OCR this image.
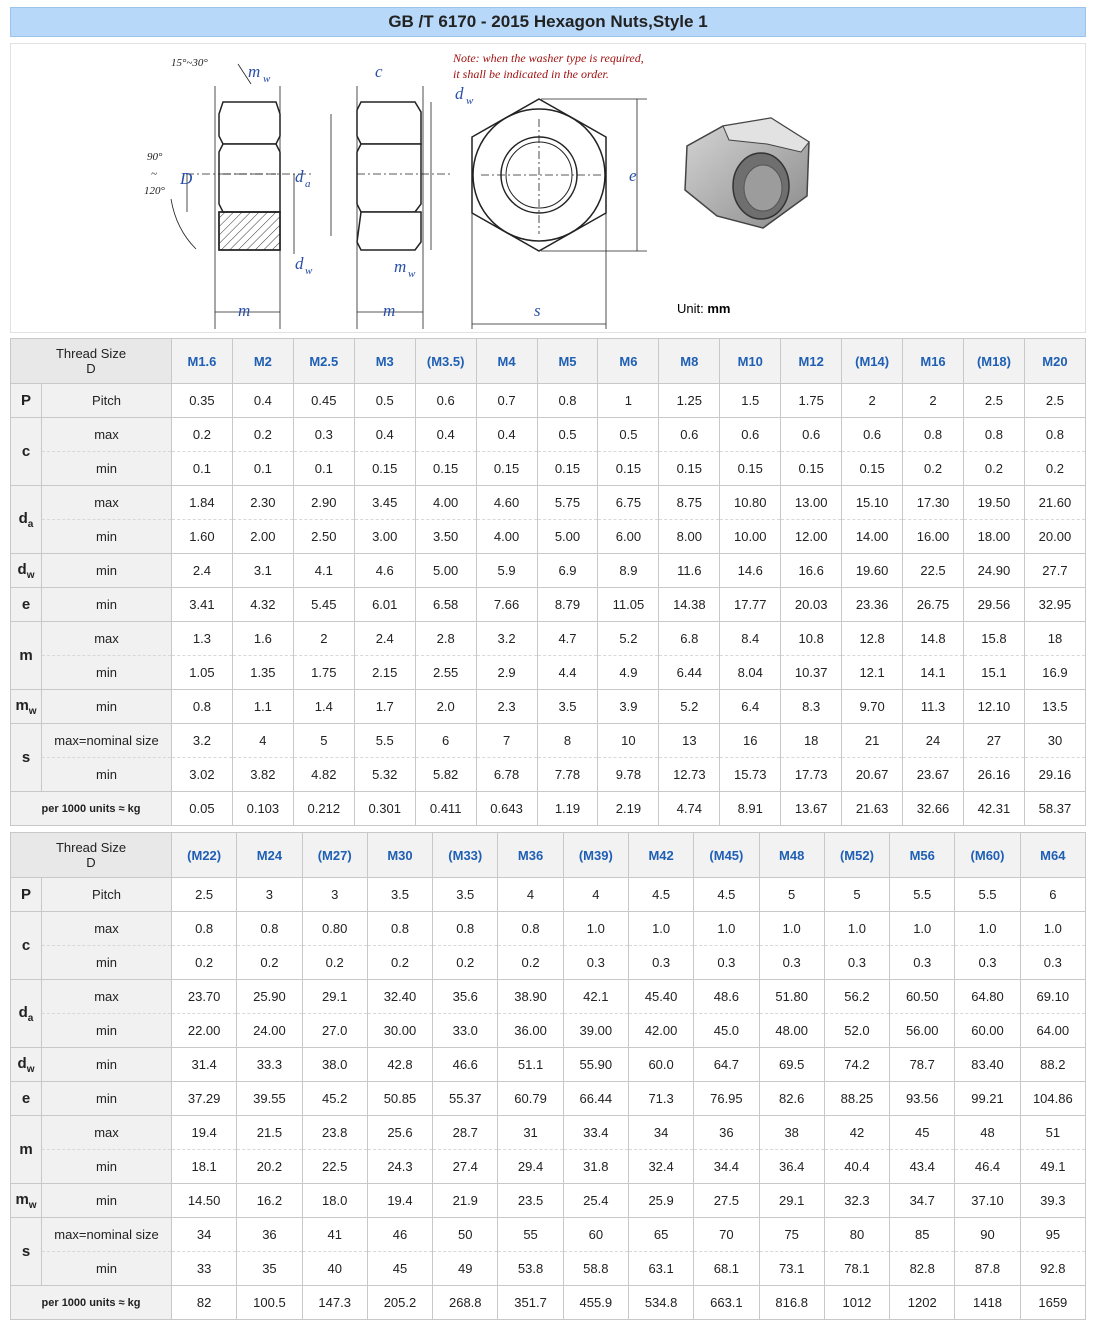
GB /T 6170 - 2015 Hexagon Nuts,Style 1
m w
D	d a
d w
m
c
d w
m w
m
e
s
15°~30°
90°
~
120°
Note: when the washer type is required,
it shall be indicated in the order.
Unit: mm
Thread Size
D		M1.6	M2	M2.5	M3	(M3.5)	M4	M5	M6	M8	M10	M12	(M14)	M16	(M18)	M20
P	Pitch	0.35	0.4	0.45	0.5	0.6	0.7	0.8	1	1.25	1.5	1.75	2	2	2.5	2.5
c	max	0.2	0.2	0.3	0.4	0.4	0.4	0.5	0.5	0.6	0.6	0.6	0.6	0.8	0.8	0.8
	min	0.1	0.1	0.1	0.15	0.15	0.15	0.15	0.15	0.15	0.15	0.15	0.15	0.2	0.2	0.2
$d_a$	max	1.84	2.30	2.90	3.45	4.00	4.60	5.75	6.75	8.75	10.80	13.00	15.10	17.30	19.50	21.60
	min	1.60	2.00	2.50	3.00	3.50	4.00	5.00	6.00	8.00	10.00	12.00	14.00	16.00	18.00	20.00
$d_w$	min	2.4	3.1	4.1	4.6	5.00	5.9	6.9	8.9	11.6	14.6	16.6	19.60	22.5	24.90	27.7
e	min	3.41	4.32	5.45	6.01	6.58	7.66	8.79	11.05	14.38	17.77	20.03	23.36	26.75	29.56	32.95
m	max	1.3	1.6	2	2.4	2.8	3.2	4.7	5.2	6.8	8.4	10.8	12.8	14.8	15.8	18
	min	1.05	1.35	1.75	2.15	2.55	2.9	4.4	4.9	6.44	8.04	10.37	12.1	14.1	15.1	16.9
$m_w$	min	0.8	1.1	1.4	1.7	2.0	2.3	3.5	3.9	5.2	6.4	8.3	9.70	11.3	12.10	13.5
s	max=nominal size	3.2	4	5	5.5	6	7	8	10	13	16	18	21	24	27	30
	min	3.02	3.82	4.82	5.32	5.82	6.78	7.78	9.78	12.73	15.73	17.73	20.67	23.67	26.16	29.16
per 1000 units ≈ kg		0.05	0.103	0.212	0.301	0.411	0.643	1.19	2.19	4.74	8.91	13.67	21.63	32.66	42.31	58.37
Thread Size
D		(M22)	M24	(M27)	M30	(M33)	M36	(M39)	M42	(M45)	M48	(M52)	M56	(M60)	M64
P	Pitch	2.5	3	3	3.5	3.5	4	4	4.5	4.5	5	5	5.5	5.5	6
c	max	0.8	0.8	0.80	0.8	0.8	0.8	1.0	1.0	1.0	1.0	1.0	1.0	1.0	1.0
	min	0.2	0.2	0.2	0.2	0.2	0.2	0.3	0.3	0.3	0.3	0.3	0.3	0.3	0.3
$d_a$	max	23.70	25.90	29.1	32.40	35.6	38.90	42.1	45.40	48.6	51.80	56.2	60.50	64.80	69.10
	min	22.00	24.00	27.0	30.00	33.0	36.00	39.00	42.00	45.0	48.00	52.0	56.00	60.00	64.00
$d_w$	min	31.4	33.3	38.0	42.8	46.6	51.1	55.90	60.0	64.7	69.5	74.2	78.7	83.40	88.2
e	min	37.29	39.55	45.2	50.85	55.37	60.79	66.44	71.3	76.95	82.6	88.25	93.56	99.21	104.86
m	max	19.4	21.5	23.8	25.6	28.7	31	33.4	34	36	38	42	45	48	51
	min	18.1	20.2	22.5	24.3	27.4	29.4	31.8	32.4	34.4	36.4	40.4	43.4	46.4	49.1
$m_w$	min	14.50	16.2	18.0	19.4	21.9	23.5	25.4	25.9	27.5	29.1	32.3	34.7	37.10	39.3
s	max=nominal size	34	36	41	46	50	55	60	65	70	75	80	85	90	95
	min	33	35	40	45	49	53.8	58.8	63.1	68.1	73.1	78.1	82.8	87.8	92.8
per 1000 units ≈ kg		82	100.5	147.3	205.2	268.8	351.7	455.9	534.8	663.1	816.8	1012	1202	1418	1659
